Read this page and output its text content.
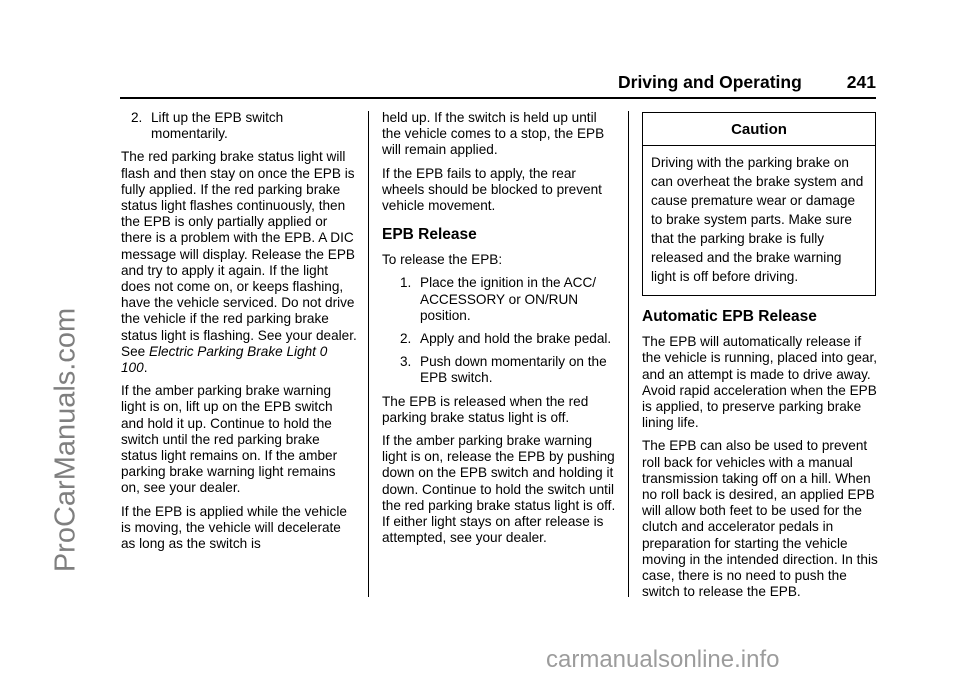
ProCarManuals.com
Driving and Operating	241
2. Lift up the EPB switch momentarily.

The red parking brake status light will flash and then stay on once the EPB is fully applied. If the red parking brake status light flashes continuously, then the EPB is only partially applied or there is a problem with the EPB. A DIC message will display. Release the EPB and try to apply it again. If the light does not come on, or keeps flashing, have the vehicle serviced. Do not drive the vehicle if the red parking brake status light is flashing. See your dealer. See Electric Parking Brake Light 0 100.

If the amber parking brake warning light is on, lift up on the EPB switch and hold it up. Continue to hold the switch until the red parking brake status light remains on. If the amber parking brake warning light remains on, see your dealer.

If the EPB is applied while the vehicle is moving, the vehicle will decelerate as long as the switch is

held up. If the switch is held up until the vehicle comes to a stop, the EPB will remain applied.

If the EPB fails to apply, the rear wheels should be blocked to prevent vehicle movement.

EPB Release

To release the EPB:

1. Place the ignition in the ACC/ ACCESSORY or ON/RUN position.
2. Apply and hold the brake pedal.
3. Push down momentarily on the EPB switch.

The EPB is released when the red parking brake status light is off.

If the amber parking brake warning light is on, release the EPB by pushing down on the EPB switch and holding it down. Continue to hold the switch until the red parking brake status light is off. If either light stays on after release is attempted, see your dealer.

Caution
Driving with the parking brake on can overheat the brake system and cause premature wear or damage to brake system parts. Make sure that the parking brake is fully released and the brake warning light is off before driving.
Automatic EPB Release

The EPB will automatically release if the vehicle is running, placed into gear, and an attempt is made to drive away. Avoid rapid acceleration when the EPB is applied, to preserve parking brake lining life.

The EPB can also be used to prevent roll back for vehicles with a manual transmission taking off on a hill. When no roll back is desired, an applied EPB will allow both feet to be used for the clutch and accelerator pedals in preparation for starting the vehicle moving in the intended direction. In this case, there is no need to push the switch to release the EPB.

carmanualsonline.info
